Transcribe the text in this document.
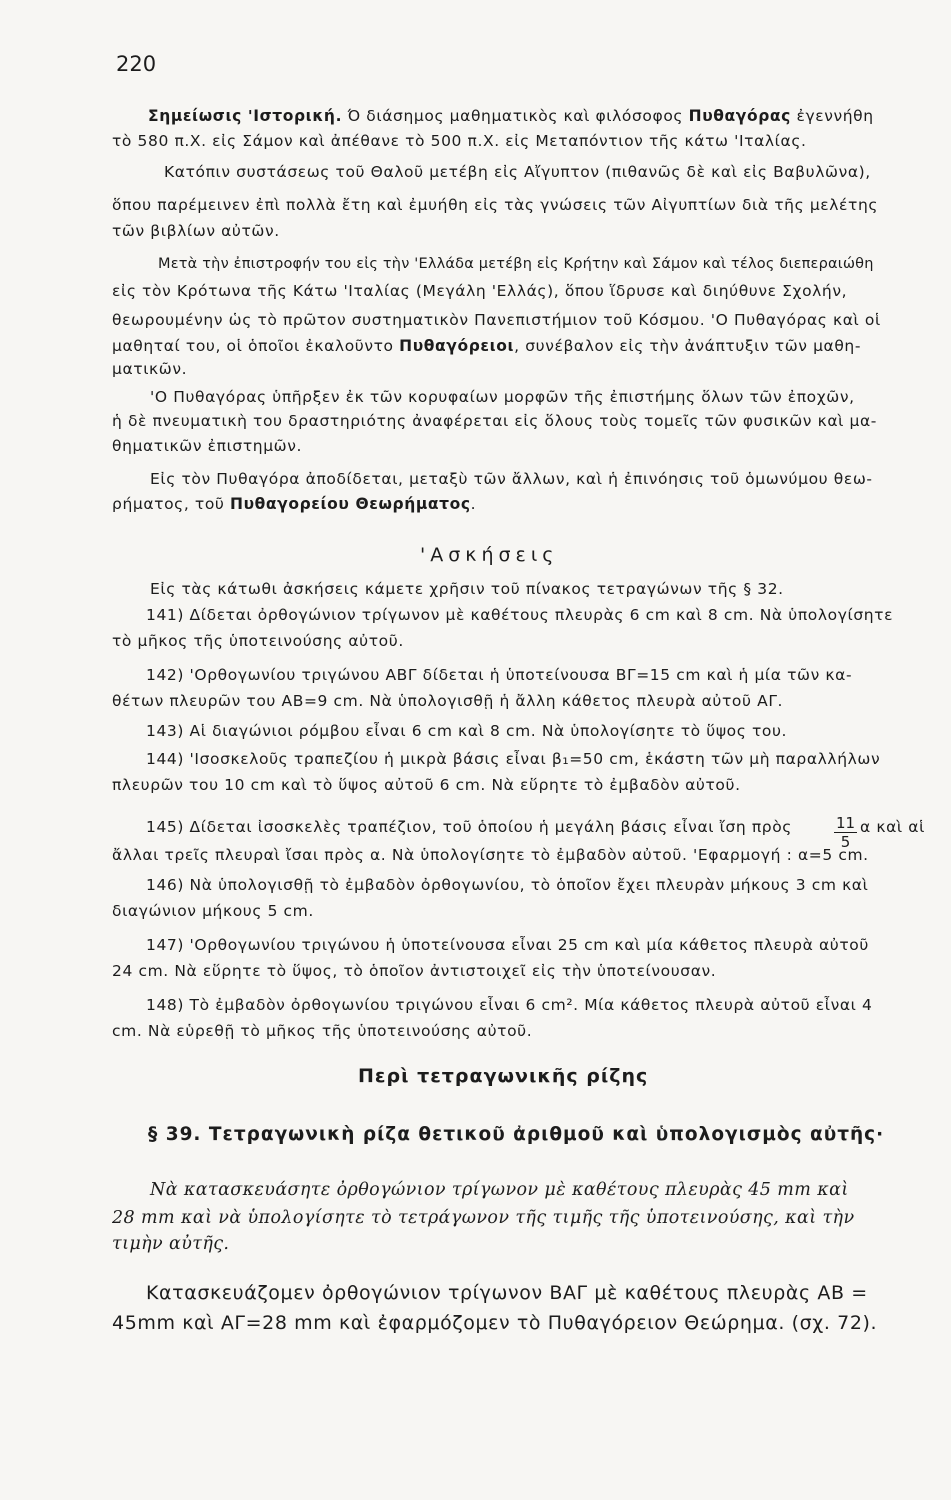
220
Σημείωσις 'Ιστορική. Ό διάσημος μαθηματικὸς καὶ φιλόσοφος Πυθαγόρας ἐγεννήθη
τὸ 580 π.Χ. εἰς Σάμον καὶ ἀπέθανε τὸ 500 π.Χ. εἰς Μεταπόντιον τῆς κάτω 'Ιταλίας.
Κατόπιν συστάσεως τοῦ Θαλοῦ μετέβη εἰς Αἴγυπτον (πιθανῶς δὲ καὶ εἰς Βαβυλῶνα),
ὅπου παρέμεινεν ἐπὶ πολλὰ ἔτη καὶ ἐμυήθη εἰς τὰς γνώσεις τῶν Αἰγυπτίων διὰ τῆς μελέτης
τῶν βιβλίων αὐτῶν.
Μετὰ τὴν ἐπιστροφήν του εἰς τὴν 'Ελλάδα μετέβη εἰς Κρήτην καὶ Σάμον καὶ τέλος διεπεραιώθη
εἰς τὸν Κρότωνα τῆς Κάτω 'Ιταλίας (Μεγάλη 'Ελλάς), ὅπου ἵδρυσε καὶ διηύθυνε Σχολήν,
θεωρουμένην ὡς τὸ πρῶτον συστηματικὸν Πανεπιστήμιον τοῦ Κόσμου. 'Ο Πυθαγόρας καὶ οἱ
μαθηταί του, οἱ ὁποῖοι ἐκαλοῦντο Πυθαγόρειοι, συνέβαλον εἰς τὴν ἀνάπτυξιν τῶν μαθη-
ματικῶν.
'Ο Πυθαγόρας ὑπῆρξεν ἐκ τῶν κορυφαίων μορφῶν τῆς ἐπιστήμης ὅλων τῶν ἐποχῶν,
ἡ δὲ πνευματικὴ του δραστηριότης ἀναφέρεται εἰς ὅλους τοὺς τομεῖς τῶν φυσικῶν καὶ μα-
θηματικῶν ἐπιστημῶν.
Εἰς τὸν Πυθαγόρα ἀποδίδεται, μεταξὺ τῶν ἄλλων, καὶ ἡ ἐπινόησις τοῦ ὁμωνύμου θεω-
ρήματος, τοῦ Πυθαγορείου Θεωρήματος.
'Ασκήσεις
Εἰς τὰς κάτωθι ἀσκήσεις κάμετε χρῆσιν τοῦ πίνακος τετραγώνων τῆς § 32.
141) Δίδεται ὀρθογώνιον τρίγωνον μὲ καθέτους πλευρὰς 6 cm καὶ 8 cm. Νὰ ὑπολογίσητε
τὸ μῆκος τῆς ὑποτεινούσης αὐτοῦ.
142) 'Ορθογωνίου τριγώνου ΑΒΓ δίδεται ἡ ὑποτείνουσα ΒΓ=15 cm καὶ ἡ μία τῶν κα-
θέτων πλευρῶν του ΑΒ=9 cm. Νὰ ὑπολογισθῇ ἡ ἄλλη κάθετος πλευρὰ αὐτοῦ ΑΓ.
143) Αἱ διαγώνιοι ρόμβου εἶναι 6 cm καὶ 8 cm. Νὰ ὑπολογίσητε τὸ ὕψος του.
144) 'Ισοσκελοῦς τραπεζίου ἡ μικρὰ βάσις εἶναι β₁=50 cm, ἑκάστη τῶν μὴ παραλλήλων
πλευρῶν του 10 cm καὶ τὸ ὕψος αὐτοῦ 6 cm. Νὰ εὕρητε τὸ ἐμβαδὸν αὐτοῦ.
145) Δίδεται ἰσοσκελὲς τραπέζιον, τοῦ ὁποίου ἡ μεγάλη βάσις εἶναι ἴση πρὸς	$\frac{11}{5}$ α καὶ αἱ
ἄλλαι τρεῖς πλευραὶ ἴσαι πρὸς α. Νὰ ὑπολογίσητε τὸ ἐμβαδὸν αὐτοῦ. 'Εφαρμογή : α=5 cm.
146) Νὰ ὑπολογισθῇ τὸ ἐμβαδὸν ὀρθογωνίου, τὸ ὁποῖον ἔχει πλευρὰν μήκους 3 cm καὶ
διαγώνιον μήκους 5 cm.
147) 'Ορθογωνίου τριγώνου ἡ ὑποτείνουσα εἶναι 25 cm καὶ μία κάθετος πλευρὰ αὐτοῦ
24 cm. Νὰ εὕρητε τὸ ὕψος, τὸ ὁποῖον ἀντιστοιχεῖ εἰς τὴν ὑποτείνουσαν.
148) Τὸ ἐμβαδὸν ὀρθογωνίου τριγώνου εἶναι 6 cm². Μία κάθετος πλευρὰ αὐτοῦ εἶναι 4
cm. Νὰ εὑρεθῇ τὸ μῆκος τῆς ὑποτεινούσης αὐτοῦ.
Περὶ τετραγωνικῆς ρίζης
§ 39. Τετραγωνικὴ ρίζα θετικοῦ ἀριθμοῦ καὶ ὑπολογισμὸς αὐτῆς·
Νὰ κατασκευάσητε ὀρθογώνιον τρίγωνον μὲ καθέτους πλευρὰς 45 mm καὶ
28 mm καὶ νὰ ὑπολογίσητε τὸ τετράγωνον τῆς τιμῆς τῆς ὑποτεινούσης, καὶ τὴν
τιμὴν αὐτῆς.
Κατασκευάζομεν ὀρθογώνιον τρίγωνον ΒΑΓ μὲ καθέτους πλευρὰς ΑΒ =
45mm καὶ ΑΓ=28 mm καὶ ἐφαρμόζομεν τὸ Πυθαγόρειον Θεώρημα. (σχ. 72).
